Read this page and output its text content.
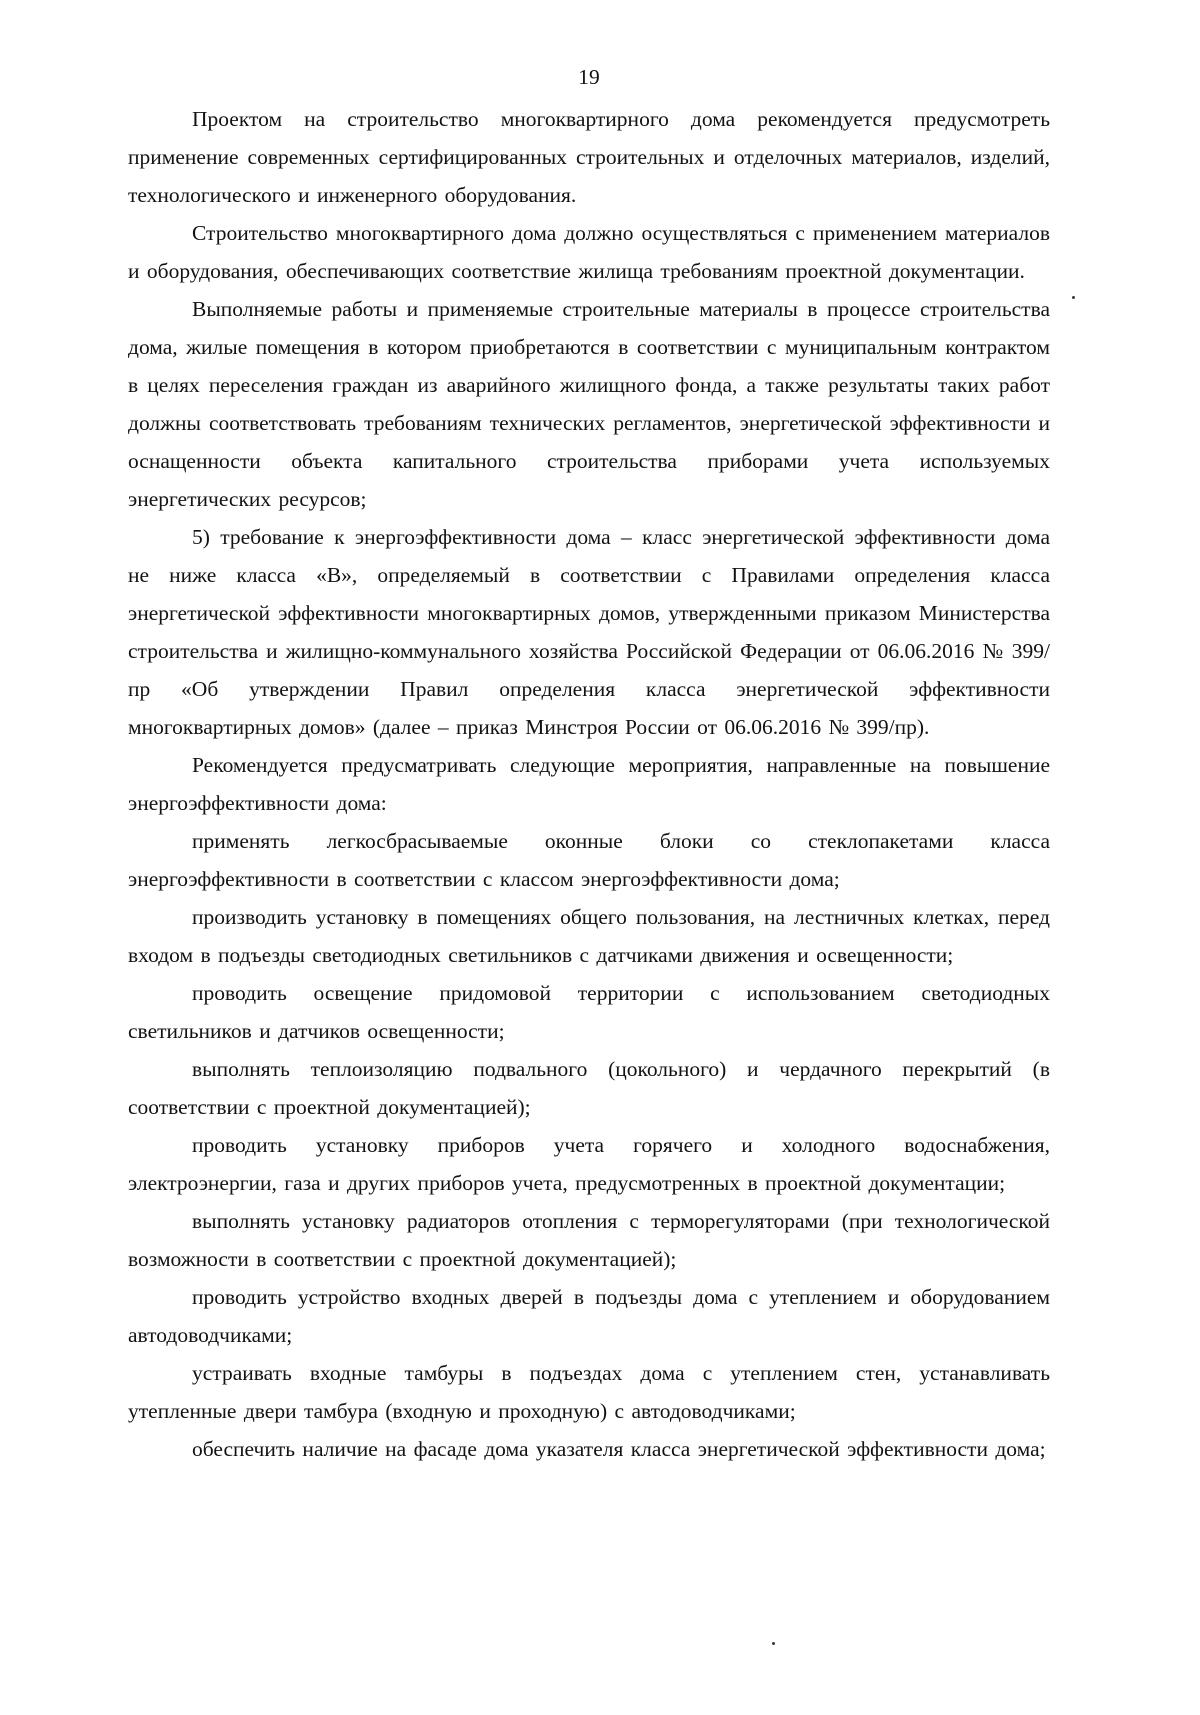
19

Проектом на строительство многоквартирного дома рекомендуется предусмотреть применение современных сертифицированных строительных и отделочных материалов, изделий, технологического и инженерного оборудования.

Строительство многоквартирного дома должно осуществляться с применением материалов и оборудования, обеспечивающих соответствие жилища требованиям проектной документации.

Выполняемые работы и применяемые строительные материалы в процессе строительства дома, жилые помещения в котором приобретаются в соответствии с муниципальным контрактом в целях переселения граждан из аварийного жилищного фонда, а также результаты таких работ должны соответствовать требованиям технических регламентов, энергетической эффективности и оснащенности объекта капитального строительства приборами учета используемых энергетических ресурсов;

5) требование к энергоэффективности дома – класс энергетической эффективности дома не ниже класса «В», определяемый в соответствии с Правилами определения класса энергетической эффективности многоквартирных домов, утвержденными приказом Министерства строительства и жилищно-коммунального хозяйства Российской Федерации от 06.06.2016 № 399/пр «Об утверждении Правил определения класса энергетической эффективности многоквартирных домов» (далее – приказ Минстроя России от 06.06.2016 № 399/пр).

Рекомендуется предусматривать следующие мероприятия, направленные на повышение энергоэффективности дома:

применять легкосбрасываемые оконные блоки со стеклопакетами класса энергоэффективности в соответствии с классом энергоэффективности дома;

производить установку в помещениях общего пользования, на лестничных клетках, перед входом в подъезды светодиодных светильников с датчиками движения и освещенности;

проводить освещение придомовой территории с использованием светодиодных светильников и датчиков освещенности;

выполнять теплоизоляцию подвального (цокольного) и чердачного перекрытий (в соответствии с проектной документацией);

проводить установку приборов учета горячего и холодного водоснабжения, электроэнергии, газа и других приборов учета, предусмотренных в проектной документации;

выполнять установку радиаторов отопления с терморегуляторами (при технологической возможности в соответствии с проектной документацией);

проводить устройство входных дверей в подъезды дома с утеплением и оборудованием автодоводчиками;

устраивать входные тамбуры в подъездах дома с утеплением стен, устанавливать утепленные двери тамбура (входную и проходную) с автодоводчиками;

обеспечить наличие на фасаде дома указателя класса энергетической эффективности дома;
